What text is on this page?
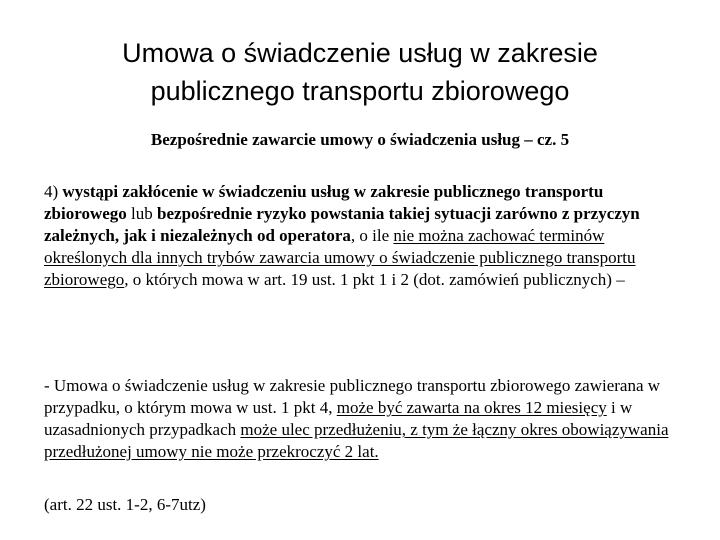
Umowa o świadczenie usług w zakresie
publicznego transportu zbiorowego

Bezpośrednie zawarcie umowy o świadczenia usług – cz. 5

4) wystąpi zakłócenie w świadczeniu usług w zakresie publicznego transportu zbiorowego lub bezpośrednie ryzyko powstania takiej sytuacji zarówno z przyczyn zależnych, jak i niezależnych od operatora, o ile nie można zachować terminów określonych dla innych trybów zawarcia umowy o świadczenie publicznego transportu zbiorowego, o których mowa w art. 19 ust. 1 pkt 1 i 2 (dot. zamówień publicznych) –

- Umowa o świadczenie usług w zakresie publicznego transportu zbiorowego zawierana w przypadku, o którym mowa w ust. 1 pkt 4, może być zawarta na okres 12 miesięcy i w uzasadnionych przypadkach może ulec przedłużeniu, z tym że łączny okres obowiązywania przedłużonej umowy nie może przekroczyć 2 lat.

(art. 22 ust. 1-2, 6-7utz)
